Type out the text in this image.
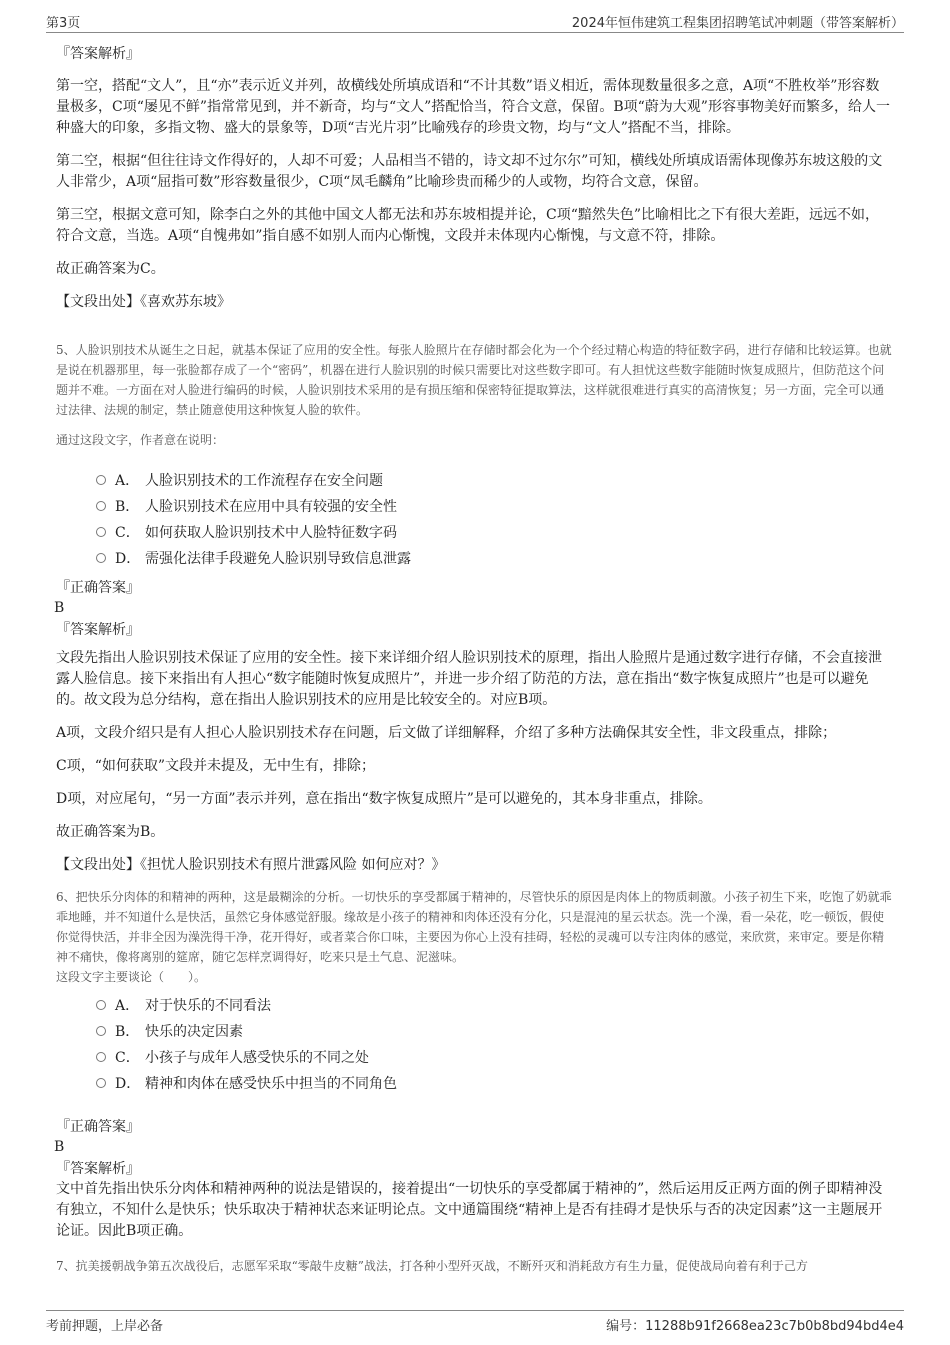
第3页	2024年恒伟建筑工程集团招聘笔试冲刺题（带答案解析）

『答案解析』

第一空，搭配“文人”，且“亦”表示近义并列，故横线处所填成语和“不计其数”语义相近，需体现数量很多之意，A项“不胜枚举”形容数量极多，C项“屡见不鲜”指常常见到，并不新奇，均与“文人”搭配恰当，符合文意，保留。B项“蔚为大观”形容事物美好而繁多，给人一种盛大的印象，多指文物、盛大的景象等，D项“吉光片羽”比喻残存的珍贵文物，均与“文人”搭配不当，排除。

第二空，根据“但往往诗文作得好的，人却不可爱；人品相当不错的，诗文却不过尔尔”可知，横线处所填成语需体现像苏东坡这般的文人非常少，A项“屈指可数”形容数量很少，C项“凤毛麟角”比喻珍贵而稀少的人或物，均符合文意，保留。

第三空，根据文意可知，除李白之外的其他中国文人都无法和苏东坡相提并论，C项“黯然失色”比喻相比之下有很大差距，远远不如，符合文意，当选。A项“自愧弗如”指自感不如别人而内心惭愧，文段并未体现内心惭愧，与文意不符，排除。

故正确答案为C。

【文段出处】《喜欢苏东坡》

5、人脸识别技术从诞生之日起，就基本保证了应用的安全性。每张人脸照片在存储时都会化为一个个经过精心构造的特征数字码，进行存储和比较运算。也就是说在机器那里，每一张脸都存成了一个“密码”，机器在进行人脸识别的时候只需要比对这些数字即可。有人担忧这些数字能随时恢复成照片，但防范这个问题并不难。一方面在对人脸进行编码的时候，人脸识别技术采用的是有损压缩和保密特征提取算法，这样就很难进行真实的高清恢复；另一方面，完全可以通过法律、法规的制定，禁止随意使用这种恢复人脸的软件。

通过这段文字，作者意在说明：

A． 人脸识别技术的工作流程存在安全问题
B． 人脸识别技术在应用中具有较强的安全性
C． 如何获取人脸识别技术中人脸特征数字码
D． 需强化法律手段避免人脸识别导致信息泄露

『正确答案』

B

『答案解析』

文段先指出人脸识别技术保证了应用的安全性。接下来详细介绍人脸识别技术的原理，指出人脸照片是通过数字进行存储，不会直接泄露人脸信息。接下来指出有人担心“数字能随时恢复成照片”，并进一步介绍了防范的方法，意在指出“数字恢复成照片”也是可以避免的。故文段为总分结构，意在指出人脸识别技术的应用是比较安全的。对应B项。

A项，文段介绍只是有人担心人脸识别技术存在问题，后文做了详细解释，介绍了多种方法确保其安全性，非文段重点，排除；

C项，“如何获取”文段并未提及，无中生有，排除；

D项，对应尾句，“另一方面”表示并列，意在指出“数字恢复成照片”是可以避免的，其本身非重点，排除。

故正确答案为B。

【文段出处】《担忧人脸识别技术有照片泄露风险 如何应对？》

6、把快乐分肉体的和精神的两种，这是最糊涂的分析。一切快乐的享受都属于精神的，尽管快乐的原因是肉体上的物质刺激。小孩子初生下来，吃饱了奶就乖乖地睡，并不知道什么是快活，虽然它身体感觉舒服。缘故是小孩子的精神和肉体还没有分化，只是混沌的星云状态。洗一个澡，看一朵花，吃一顿饭，假使你觉得快活，并非全因为澡洗得干净，花开得好，或者菜合你口味，主要因为你心上没有挂碍，轻松的灵魂可以专注肉体的感觉，来欣赏，来审定。要是你精神不痛快，像将离别的筵席，随它怎样烹调得好，吃来只是土气息、泥滋味。

这段文字主要谈论（　　）。

A． 对于快乐的不同看法
B． 快乐的决定因素
C． 小孩子与成年人感受快乐的不同之处
D． 精神和肉体在感受快乐中担当的不同角色

『正确答案』

B

『答案解析』

文中首先指出快乐分肉体和精神两种的说法是错误的，接着提出“一切快乐的享受都属于精神的”，然后运用反正两方面的例子即精神没有独立，不知什么是快乐；快乐取决于精神状态来证明论点。文中通篇围绕“精神上是否有挂碍才是快乐与否的决定因素”这一主题展开论证。因此B项正确。

7、抗美援朝战争第五次战役后，志愿军采取“零敲牛皮糖”战法，打各种小型歼灭战，不断歼灭和消耗敌方有生力量，促使战局向着有利于己方

考前押题，上岸必备	编号：11288b91f2668ea23c7b0b8bd94bd4e4
